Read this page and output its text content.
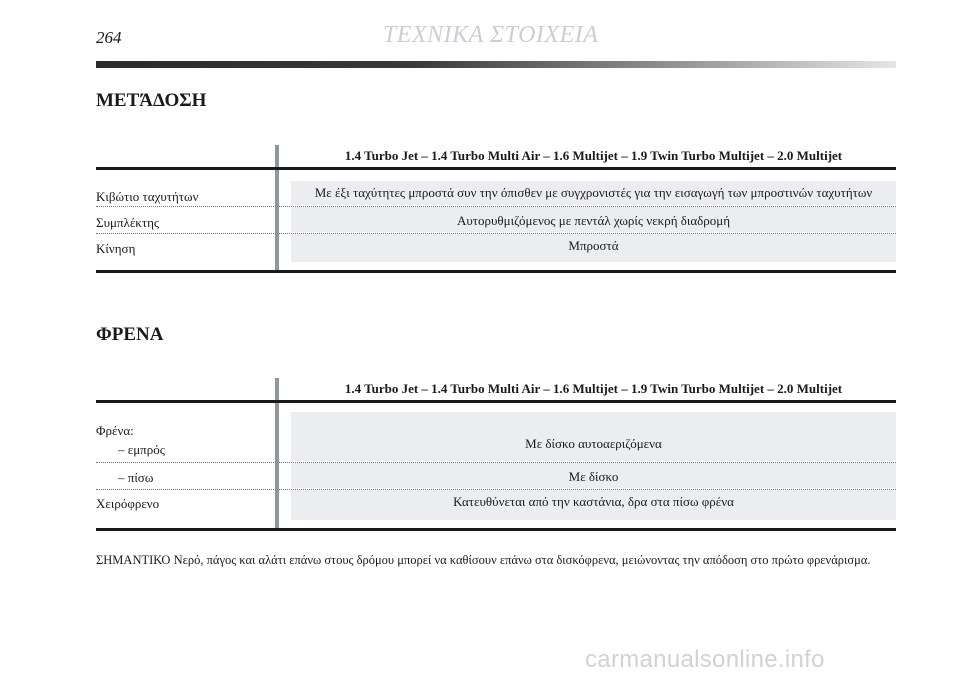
264	ΤΕΧΝΙΚΑ ΣΤΟΙΧΕΙΑ
ΜΕΤΆΔΟΣΗ
1.4 Turbo Jet – 1.4 Turbo Multi Air – 1.6 Multijet – 1.9 Twin Turbo Multijet – 2.0 Multijet
Κιβώτιο ταχυτήτων	Με έξι ταχύτητες μπροστά συν την όπισθεν με συγχρονιστές για την εισαγωγή των μπροστινών ταχυτήτων
Συμπλέκτης	Αυτορυθμιζόμενος με πεντάλ χωρίς νεκρή διαδρομή
Κίνηση	Μπροστά
ΦΡΕΝΑ
1.4 Turbo Jet – 1.4 Turbo Multi Air – 1.6 Multijet – 1.9 Twin Turbo Multijet – 2.0 Multijet
Φρένα:
– εμπρός	Με δίσκο αυτοαεριζόμενα
– πίσω	Με δίσκο
Χειρόφρενο	Κατευθύνεται από την καστάνια, δρα στα πίσω φρένα
ΣΗΜΑΝΤΙΚΟ Νερό, πάγος και αλάτι επάνω στους δρόμου μπορεί να καθίσουν επάνω στα δισκόφρενα, μειώνοντας την απόδοση στο πρώτο φρενάρισμα.
carmanualsonline.info
